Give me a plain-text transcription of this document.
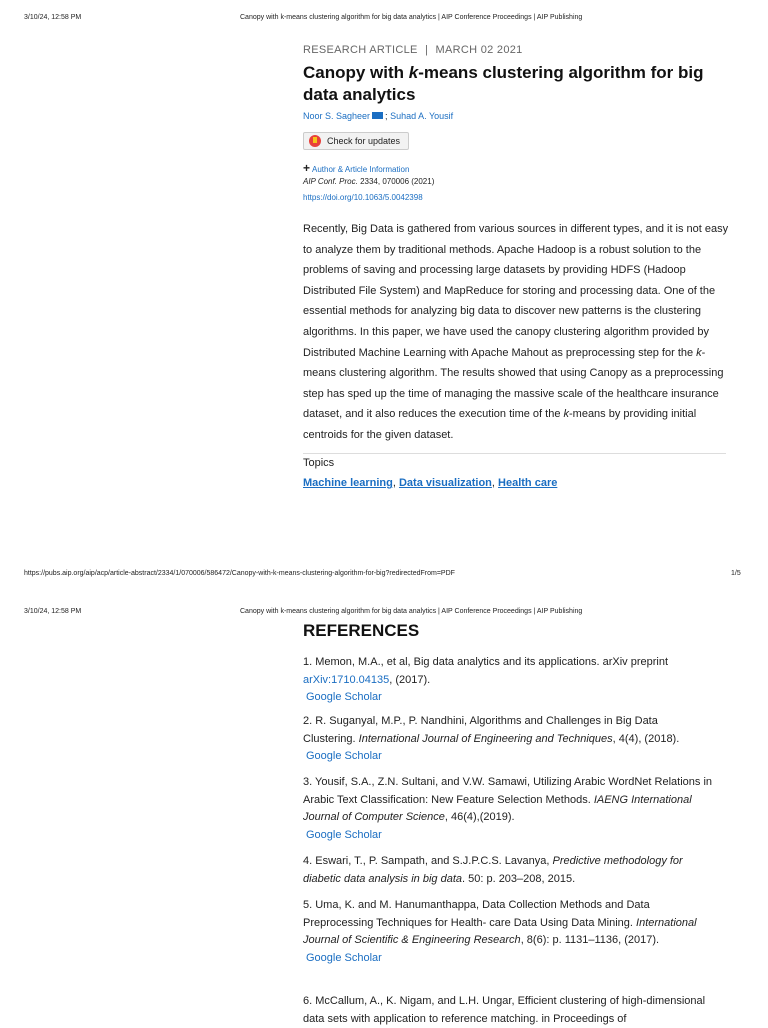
3/10/24, 12:58 PM	Canopy with k-means clustering algorithm for big data analytics | AIP Conference Proceedings | AIP Publishing
RESEARCH ARTICLE | MARCH 02 2021
Canopy with k-means clustering algorithm for big data analytics
Noor S. Sagheer ; Suhad A. Yousif
Check for updates
+ Author & Article Information
AIP Conf. Proc. 2334, 070006 (2021)
https://doi.org/10.1063/5.0042398
Recently, Big Data is gathered from various sources in different types, and it is not easy to analyze them by traditional methods. Apache Hadoop is a robust solution to the problems of saving and processing large datasets by providing HDFS (Hadoop Distributed File System) and MapReduce for storing and processing data. One of the essential methods for analyzing big data to discover new patterns is the clustering algorithms. In this paper, we have used the canopy clustering algorithm provided by Distributed Machine Learning with Apache Mahout as preprocessing step for the k-means clustering algorithm. The results showed that using Canopy as a preprocessing step has sped up the time of managing the massive scale of the healthcare insurance dataset, and it also reduces the execution time of the k-means by providing initial centroids for the given dataset.
Topics
Machine learning, Data visualization, Health care
https://pubs.aip.org/aip/acp/article-abstract/2334/1/070006/586472/Canopy-with-k-means-clustering-algorithm-for-big?redirectedFrom=PDF	1/5
3/10/24, 12:58 PM	Canopy with k-means clustering algorithm for big data analytics | AIP Conference Proceedings | AIP Publishing
REFERENCES
1. Memon, M.A., et al, Big data analytics and its applications. arXiv preprint arXiv:1710.04135, (2017).
Google Scholar
2. R. Suganyal, M.P., P. Nandhini, Algorithms and Challenges in Big Data Clustering. International Journal of Engineering and Techniques, 4(4), (2018).
Google Scholar
3. Yousif, S.A., Z.N. Sultani, and V.W. Samawi, Utilizing Arabic WordNet Relations in Arabic Text Classification: New Feature Selection Methods. IAENG International Journal of Computer Science, 46(4),(2019).
Google Scholar
4. Eswari, T., P. Sampath, and S.J.P.C.S. Lavanya, Predictive methodology for diabetic data analysis in big data. 50: p. 203–208, 2015.
5. Uma, K. and M. Hanumanthappa, Data Collection Methods and Data Preprocessing Techniques for Health- care Data Using Data Mining. International Journal of Scientific & Engineering Research, 8(6): p. 1131–1136, (2017).
Google Scholar
6. McCallum, A., K. Nigam, and L.H. Ungar, Efficient clustering of high-dimensional data sets with application to reference matching. in Proceedings of
